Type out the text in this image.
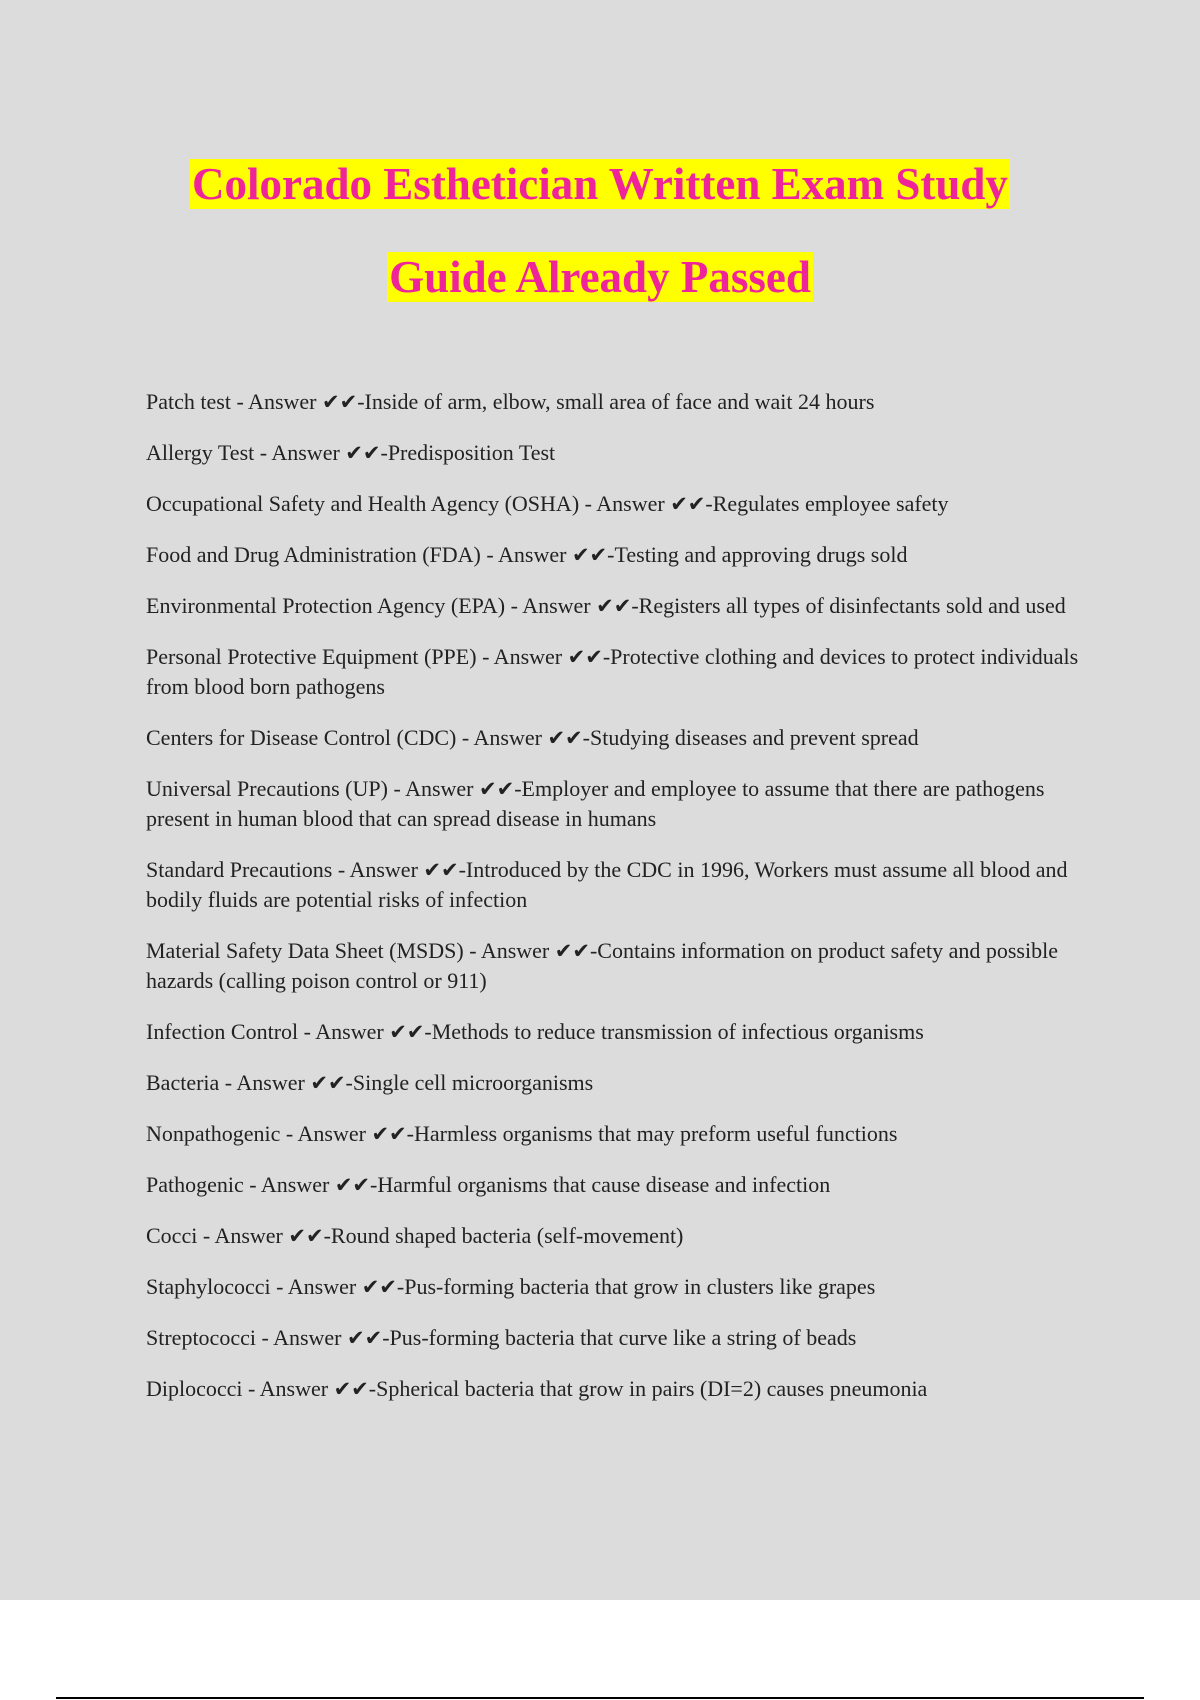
Colorado Esthetician Written Exam Study
Guide Already Passed
Patch test - Answer ✔✔-Inside of arm, elbow, small area of face and wait 24 hours
Allergy Test - Answer ✔✔-Predisposition Test
Occupational Safety and Health Agency (OSHA) - Answer ✔✔-Regulates employee safety
Food and Drug Administration (FDA) - Answer ✔✔-Testing and approving drugs sold
Environmental Protection Agency (EPA) - Answer ✔✔-Registers all types of disinfectants sold and used
Personal Protective Equipment (PPE) - Answer ✔✔-Protective clothing and devices to protect individuals from blood born pathogens
Centers for Disease Control (CDC) - Answer ✔✔-Studying diseases and prevent spread
Universal Precautions (UP) - Answer ✔✔-Employer and employee to assume that there are pathogens present in human blood that can spread disease in humans
Standard Precautions - Answer ✔✔-Introduced by the CDC in 1996, Workers must assume all blood and bodily fluids are potential risks of infection
Material Safety Data Sheet (MSDS) - Answer ✔✔-Contains information on product safety and possible hazards (calling poison control or 911)
Infection Control - Answer ✔✔-Methods to reduce transmission of infectious organisms
Bacteria - Answer ✔✔-Single cell microorganisms
Nonpathogenic - Answer ✔✔-Harmless organisms that may preform useful functions
Pathogenic - Answer ✔✔-Harmful organisms that cause disease and infection
Cocci - Answer ✔✔-Round shaped bacteria (self-movement)
Staphylococci - Answer ✔✔-Pus-forming bacteria that grow in clusters like grapes
Streptococci - Answer ✔✔-Pus-forming bacteria that curve like a string of beads
Diplococci - Answer ✔✔-Spherical bacteria that grow in pairs (DI=2) causes pneumonia
